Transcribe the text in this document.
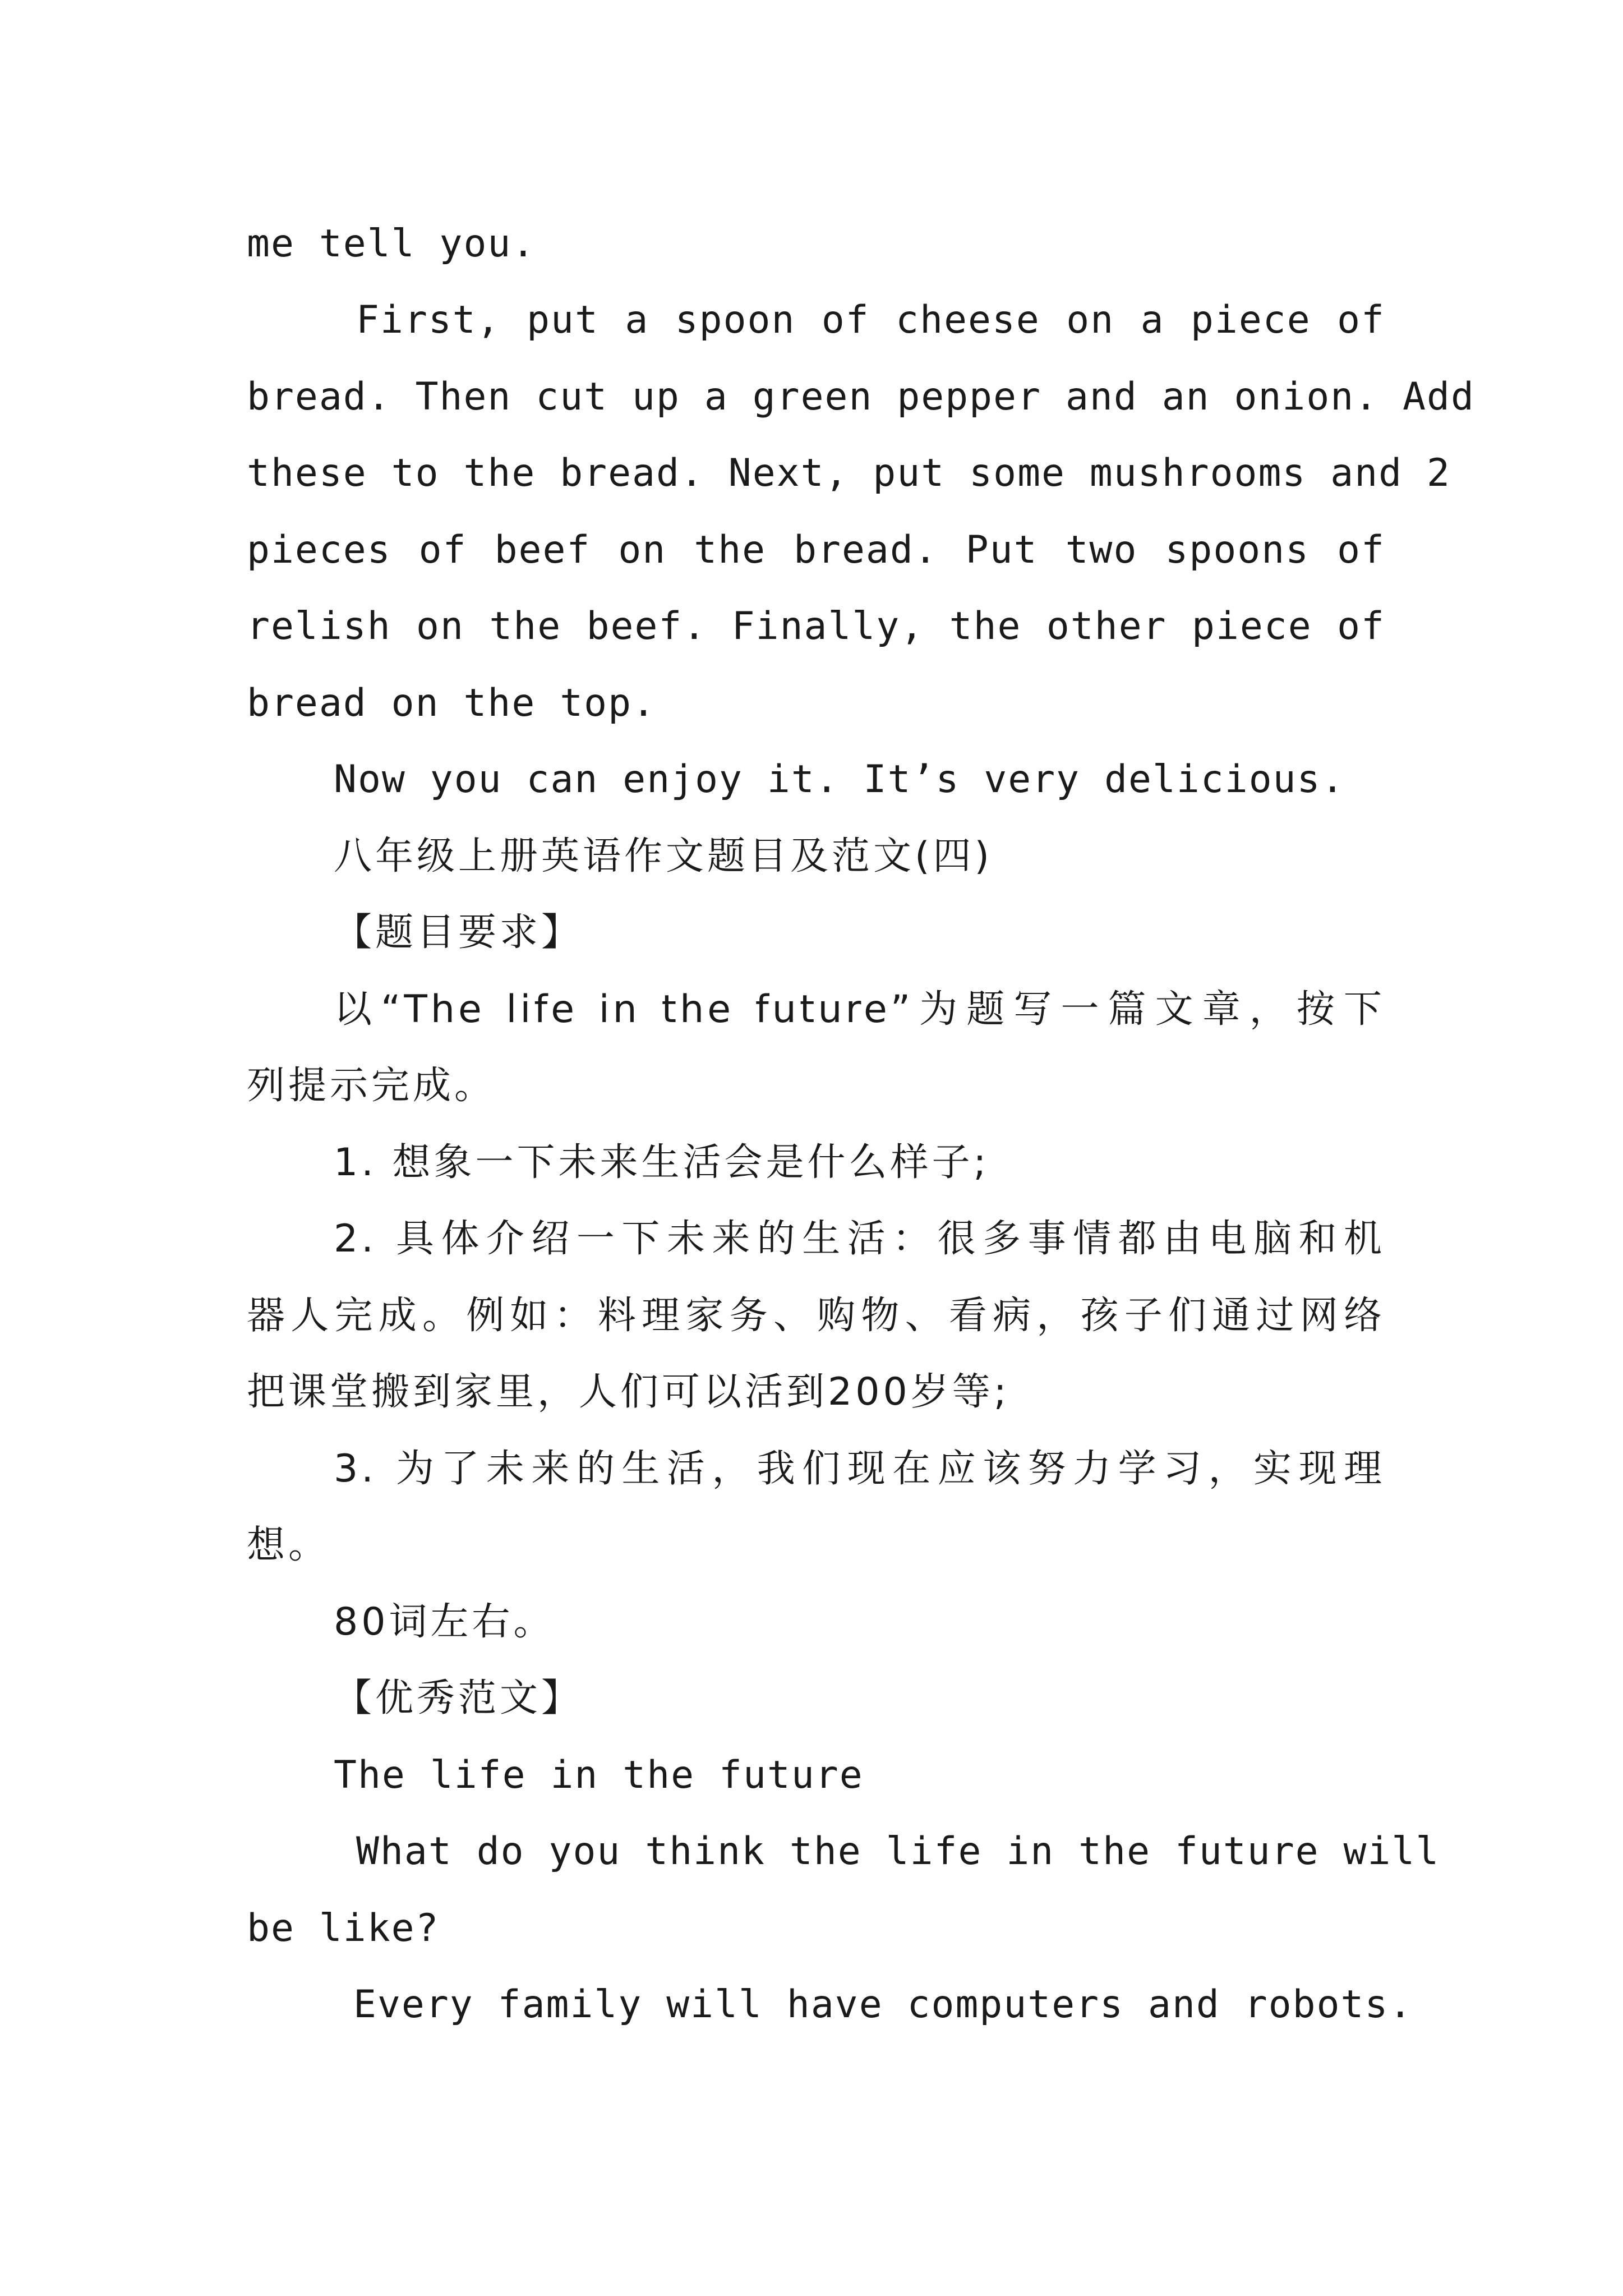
me tell you.
First, put a spoon of cheese on a piece of
bread. Then cut up a green pepper and an onion. Add
these to the bread. Next, put some mushrooms and 2
pieces of beef on the bread. Put two spoons of
relish on the beef. Finally, the other piece of
bread on the top.
Now you can enjoy it. It’s very delicious.
八年级上册英语作文题目及范文(四)
【题目要求】
以“The life in the future”为题写一篇文章，按下
列提示完成。
1. 想象一下未来生活会是什么样子;
2. 具体介绍一下未来的生活：很多事情都由电脑和机
器人完成。例如：料理家务、购物、看病，孩子们通过网络
把课堂搬到家里，人们可以活到200岁等;
3. 为了未来的生活，我们现在应该努力学习，实现理
想。
80词左右。
【优秀范文】
The life in the future
What do you think the life in the future will
be like?
Every family will have computers and robots.
